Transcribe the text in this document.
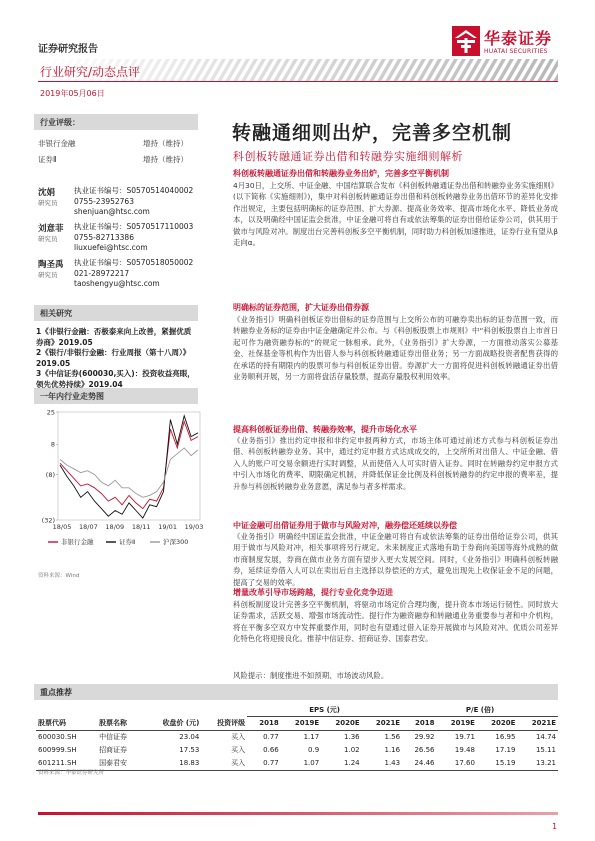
证券研究报告
华泰证券
HUATAI SECURITIES
行业研究/动态点评
2019年05月06日
行业评级：
非银行金融	增持（维持）
证券Ⅱ	增持（维持）
沈娟
研究员
执业证书编号：S0570514040002
0755-23952763
shenjuan@htsc.com
刘意菲
研究员
执业证书编号：S0570517110003
0755-82713386
liuxuefei@htsc.com
陶圣禹
研究员
执业证书编号：S0570518050002
021-28972217
taoshengyu@htsc.com
相关研究
1《非银行金融：否极泰来向上改善，紧握优质券商》2019.05
2《银行/非银行金融：行业周报（第十八周）》2019.05
3《中信证券(600030,买入)：投资收益亮眼，领先优势持续》2019.04
一年内行业走势图
25
8
(8)
(32)
18/05 18/07 18/09 18/11 19/01 19/03
非银行金融	证券Ⅱ	沪深300
资料来源：Wind
转融通细则出炉，完善多空机制
科创板转融通证券出借和转融券实施细则解析
科创板转融通证券出借和转融券业务出炉，完善多空平衡机制
4月30日，上交所、中证金融、中国结算联合发布《科创板转融通证券出借和转融券业务实施细则》(以下简称《实施细则》)，集中对科创板转融通证券出借和科创板转融券业务出借环节的差异化安排作出规定，主要包括明确标的证券范围、扩大券源、提高业务效率、提高市场化水平、降低业务成本，以及明确经中国证监会批准，中证金融可将自有或依法筹集的证券出借给证券公司，供其用于做市与风险对冲。制度出台完善科创板多空平衡机制，同时助力科创板加速推进，证券行业有望从β走向α。
明确标的证券范围，扩大证券出借券源
《业务指引》明确科创板证券出借标的证券范围与上交所公布的可融券卖出标的证券范围一致，而转融券业务标的证券由中证金融确定并公布。与《科创板股票上市规则》中“科创板股票自上市首日起可作为融资融券标的”的规定一脉相承。此外，《业务指引》扩大券源，一方面推动落实公募基金、社保基金等机构作为出借人参与科创板转融通证券出借业务；另一方面战略投资者配售获得的在承诺的持有期限内的股票可参与科创板证券出借。券源扩大一方面将促进科创板转融通证券出借业务顺利开展，另一方面将盘活存量股票，提高存量股权利用效率。
提高科创板证券出借、转融券效率，提升市场化水平
《业务指引》推出约定申报和非约定申报两种方式，市场主体可通过前述方式参与科创板证券出借、科创板转融券业务。其中，通过约定申报方式达成成交的，上交所所对出借人、中证金融、借入人的账户可交易余额进行实时调整，从而使借入人可实时借入证券。同时在转融券约定申报方式中引入市场化的费率、期限确定机制，并降低保证金比例及科创板转融券的约定申报的费率差，提升参与科创板转融券业务意愿，满足参与者多样需求。
中证金融可出借证券用于做市与风险对冲，融券偿还延续以券偿
《业务指引》明确经中国证监会批准，中证金融可将自有或依法筹集的证券出借给证券公司，供其用于做市与风险对冲，相关事项将另行规定。未来制度正式落地有助于券商向美国等海外成熟的做市商制度发展，券商在做市业务方面有望步入更大发展空间。同时，《业务指引》明确科创板转融券，延续证券借入人可以在卖出后自主选择以券偿还的方式，避免出现先上收保证金不足的问题，提高了交易的效率。
增量改革引导市场跨越，提行专业化竞争迈进
科创板制度设计完善多空平衡机制，将驱动市场定价合理均衡，提升资本市场运行韧性。同时放大证券需求，活跃交易、增强市场流动性。提行作为融资融券和转融通业务重要参与者和中介机构，将在平衡多空双方中发挥重要作用，同时也有望通过借入证券开展做市与风险对冲。优质公司差异化特色化将迎接良化。推荐中信证券、招商证券、国泰君安。
风险提示：制度推进不如预期、市场波动风险。
重点推荐
				EPS (元)				P/E (倍)			
股票代码	股票名称	收盘价 (元)	投资评级	2018	2019E	2020E	2021E	2018	2019E	2020E	2021E
600030.SH	中信证券	23.04	买入	0.77	1.17	1.36	1.56	29.92	19.71	16.95	14.74
600999.SH	招商证券	17.53	买入	0.66	0.9	1.02	1.16	26.56	19.48	17.19	15.11
601211.SH	国泰君安	18.83	买入	0.77	1.07	1.24	1.43	24.46	17.60	15.19	13.21
资料来源：华泰证券研究所
1
